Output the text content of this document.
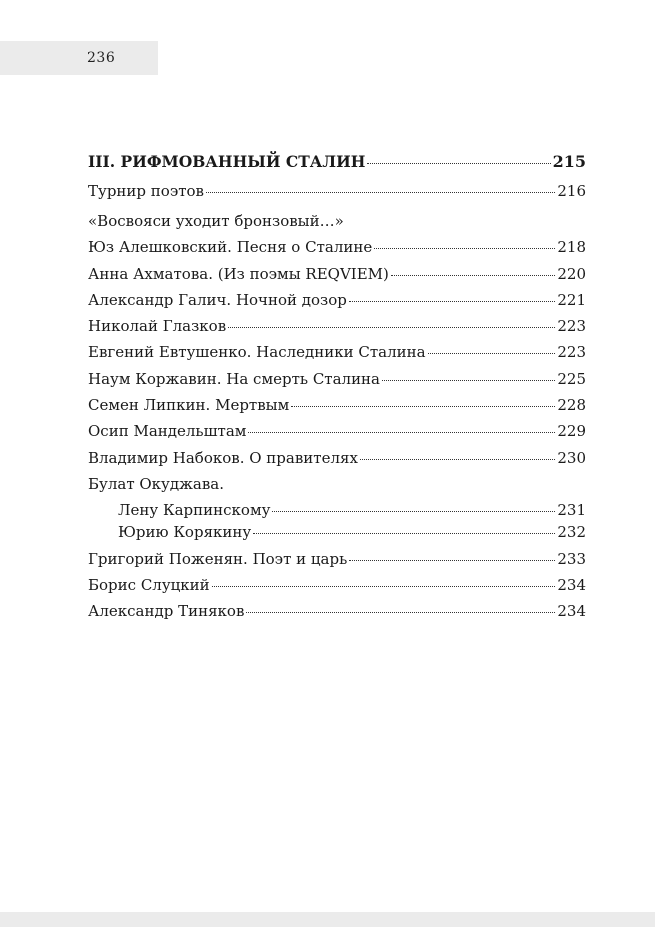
236
III. РИФМОВАННЫЙ СТАЛИН	215
Турнир поэтов	216
«Восвояси уходит бронзовый…»
Юз Алешковский. Песня о Сталине	218
Анна Ахматова. (Из поэмы REQVIEM)	220
Александр Галич. Ночной дозор	221
Николай Глазков	223
Евгений Евтушенко. Наследники Сталина	223
Наум Коржавин. На смерть Сталина	225
Семен Липкин. Мертвым	228
Осип Мандельштам	229
Владимир Набоков. О правителях	230
Булат Окуджава.
Лену Карпинскому	231
Юрию Корякину	232
Григорий Поженян. Поэт и царь	233
Борис Слуцкий	234
Александр Тиняков	234
